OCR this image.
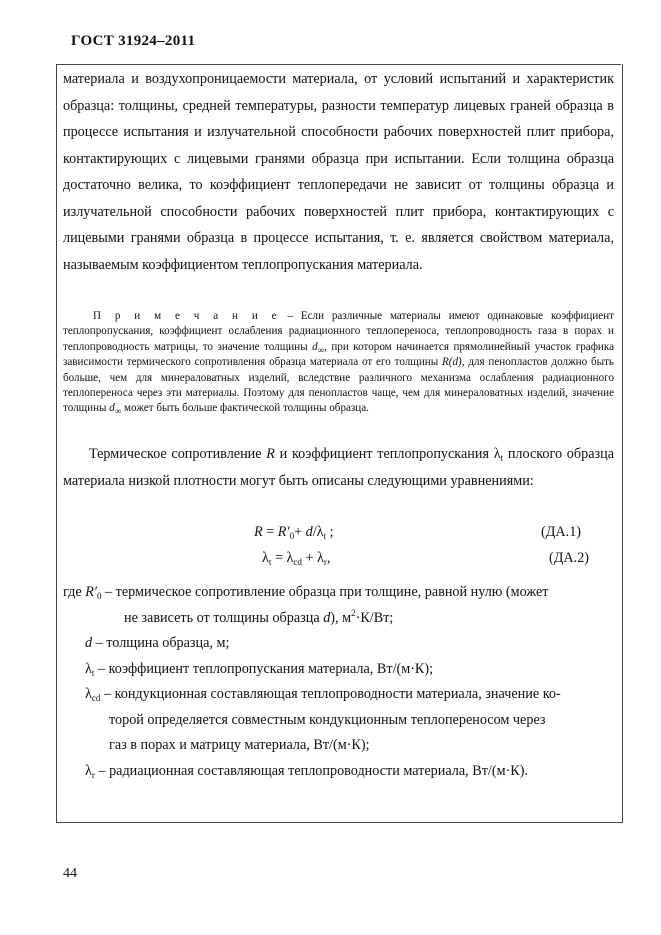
ГОСТ 31924–2011

материала и воздухопроницаемости материала, от условий испытаний и характеристик образца: толщины, средней температуры, разности температур лицевых граней образца в процессе испытания и излучательной способности рабочих поверхностей плит прибора, контактирующих с лицевыми гранями образца при испытании. Если толщина образца достаточно велика, то коэффициент теплопередачи не зависит от толщины образца и излучательной способности рабочих поверхностей плит прибора, контактирующих с лицевыми гранями образца в процессе испытания, т. е. является свойством материала, называемым коэффициентом теплопропускания материала.

П р и м е ч а н и е – Если различные материалы имеют одинаковые коэффициент теплопропускания, коэффициент ослабления радиационного теплопереноса, теплопроводность газа в порах и теплопроводность матрицы, то значение толщины $d_\infty$, при котором начинается прямолинейный участок графика зависимости термического сопротивления образца материала от его толщины R(d), для пенопластов должно быть больше, чем для минераловатных изделий, вследствие различного механизма ослабления радиационного теплопереноса через эти материалы. Поэтому для пенопластов чаще, чем для минераловатных изделий, значение толщины $d_\infty$ может быть больше фактической толщины образца.

Термическое сопротивление R и коэффициент теплопропускания $\lambda_t$ плоского образца материала низкой плотности могут быть описаны следующими уравнениями:

$R = R'_0+ d/\lambda_t$ ;	(ДА.1)
$\lambda_t = \lambda_{cd} + \lambda_r$,	(ДА.2)
где $R'_0$ – термическое сопротивление образца при толщине, равной нулю (может
не зависеть от толщины образца d), $м^2\cdot К/Вт$;
d – толщина образца, м;
$\lambda_t$ – коэффициент теплопропускания материала, Вт/(м·К);
$\lambda_{cd}$ – кондукционная составляющая теплопроводности материала, значение ко-
торой определяется совместным кондукционным теплопереносом через
газ в порах и матрицу материала, Вт/(м·К);
$\lambda_r$ – радиационная составляющая теплопроводности материала, Вт/(м·К).
44
